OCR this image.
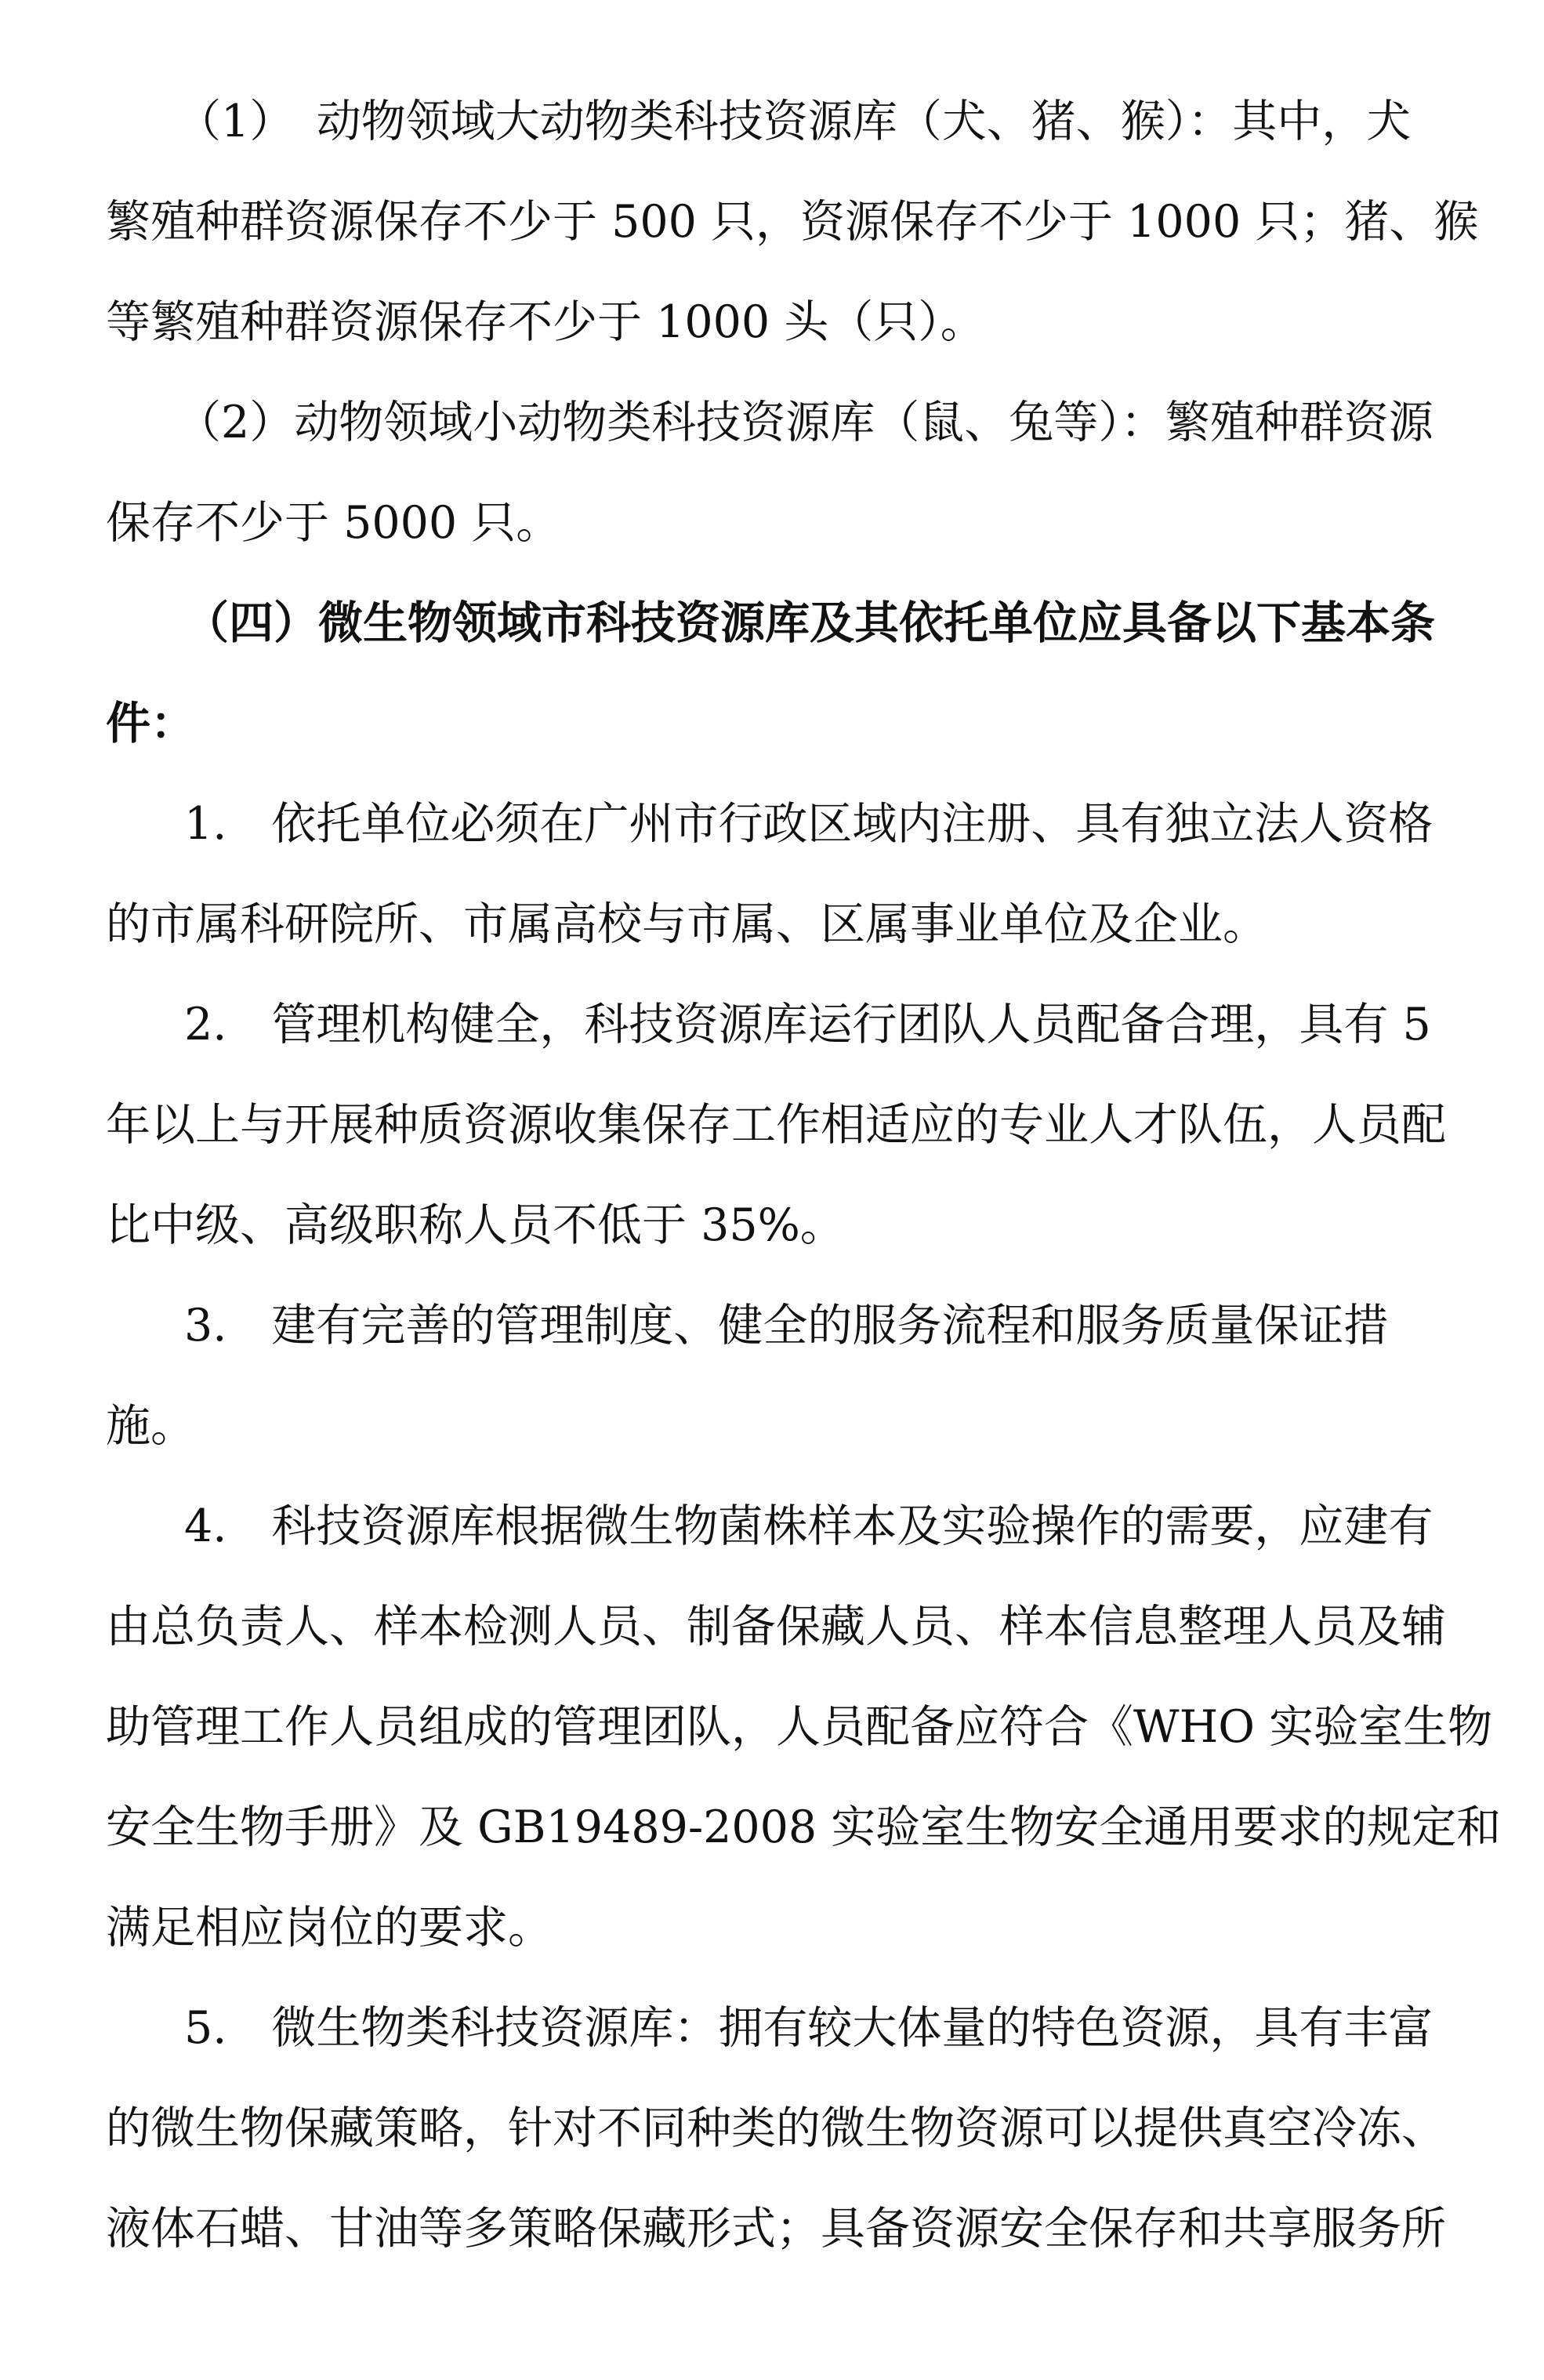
（1）　动物领域大动物类科技资源库（犬、猪、猴）：其中，犬
繁殖种群资源保存不少于 500 只，资源保存不少于 1000 只；猪、猴
等繁殖种群资源保存不少于 1000 头（只）。
（2）动物领域小动物类科技资源库（鼠、兔等）：繁殖种群资源
保存不少于 5000 只。
（四）微生物领域市科技资源库及其依托单位应具备以下基本条
件：
1.　依托单位必须在广州市行政区域内注册、具有独立法人资格
的市属科研院所、市属高校与市属、区属事业单位及企业。
2.　管理机构健全，科技资源库运行团队人员配备合理，具有 5
年以上与开展种质资源收集保存工作相适应的专业人才队伍，人员配
比中级、高级职称人员不低于 35%。
3.　建有完善的管理制度、健全的服务流程和服务质量保证措
施。
4.　科技资源库根据微生物菌株样本及实验操作的需要，应建有
由总负责人、样本检测人员、制备保藏人员、样本信息整理人员及辅
助管理工作人员组成的管理团队，人员配备应符合《WHO 实验室生物
安全生物手册》及 GB19489-2008 实验室生物安全通用要求的规定和
满足相应岗位的要求。
5.　微生物类科技资源库：拥有较大体量的特色资源，具有丰富
的微生物保藏策略，针对不同种类的微生物资源可以提供真空冷冻、
液体石蜡、甘油等多策略保藏形式；具备资源安全保存和共享服务所
